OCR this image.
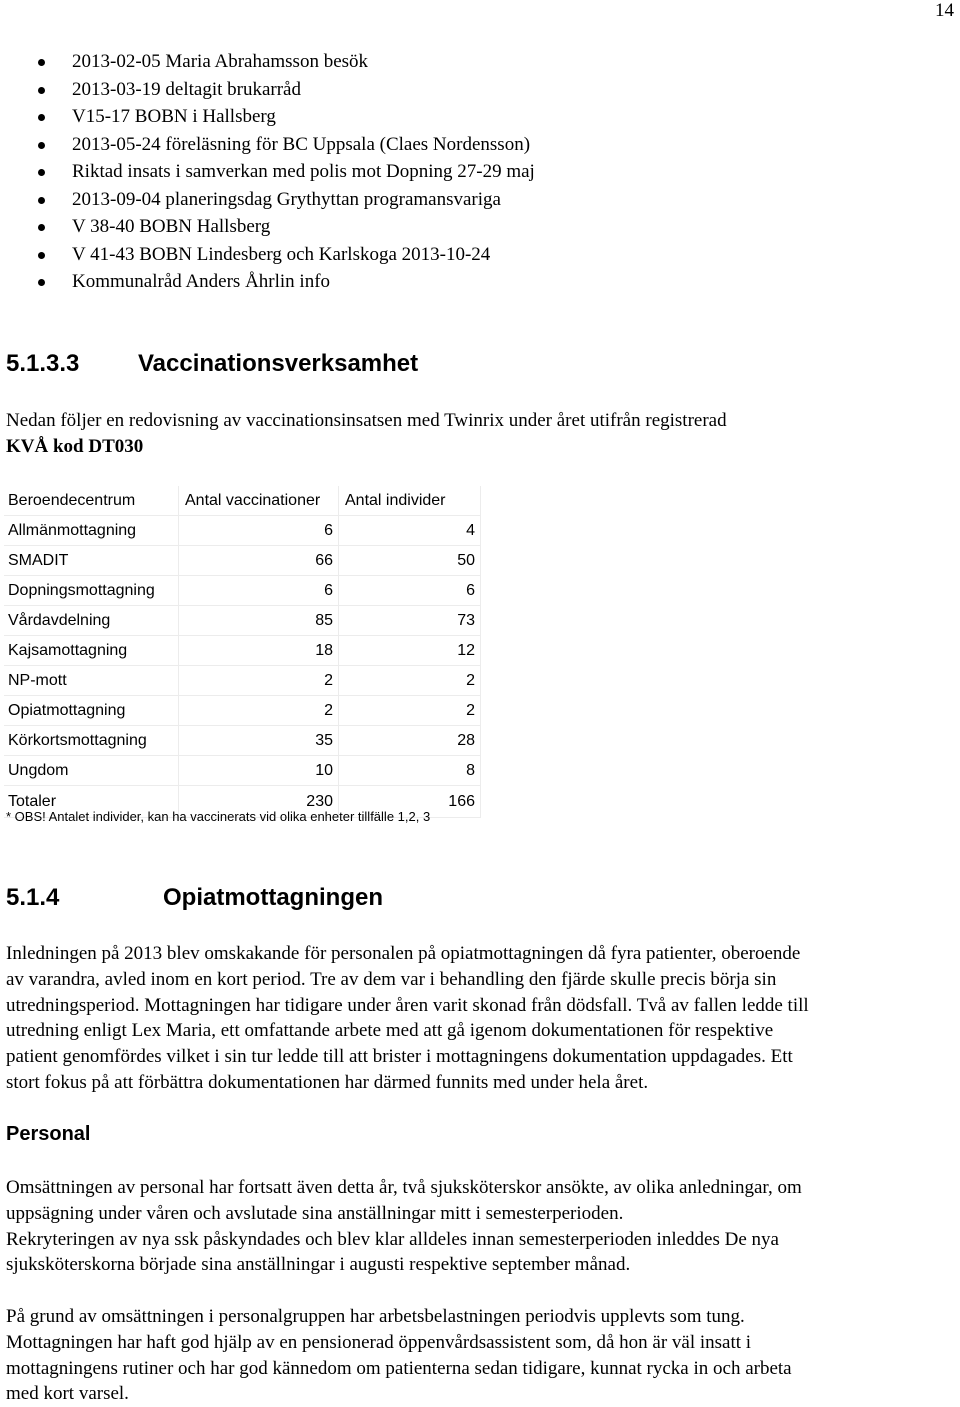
14
2013-02-05 Maria Abrahamsson besök
2013-03-19 deltagit brukarråd
V15-17 BOBN i Hallsberg
2013-05-24 föreläsning för BC Uppsala (Claes Nordensson)
Riktad insats i samverkan med polis mot Dopning 27-29 maj
2013-09-04 planeringsdag Grythyttan programansvariga
V 38-40 BOBN Hallsberg
V 41-43 BOBN Lindesberg och Karlskoga 2013-10-24
Kommunalråd Anders Åhrlin info
5.1.3.3 Vaccinationsverksamhet

Nedan följer en redovisning av vaccinationsinsatsen med Twinrix under året utifrån registrerad

KVÅ kod DT030

Beroendecentrum	Antal vaccinationer	Antal individer
Allmänmottagning	6	4
SMADIT	66	50
Dopningsmottagning	6	6
Vårdavdelning	85	73
Kajsamottagning	18	12
NP-mott	2	2
Opiatmottagning	2	2
Körkortsmottagning	35	28
Ungdom	10	8
Totaler	230	166
* OBS! Antalet individer, kan ha vaccinerats vid olika enheter tillfälle 1,2, 3
5.1.4	Opiatmottagningen

Inledningen på 2013 blev omskakande för personalen på opiatmottagningen då fyra patienter, oberoende

av varandra, avled inom en kort period. Tre av dem var i behandling den fjärde skulle precis börja sin

utredningsperiod. Mottagningen har tidigare under åren varit skonad från dödsfall. Två av fallen ledde till

utredning enligt Lex Maria, ett omfattande arbete med att gå igenom dokumentationen för respektive

patient genomfördes vilket i sin tur ledde till att brister i mottagningens dokumentation uppdagades. Ett

stort fokus på att förbättra dokumentationen har därmed funnits med under hela året.

Personal

Omsättningen av personal har fortsatt även detta år, två sjuksköterskor ansökte, av olika anledningar, om

uppsägning under våren och avslutade sina anställningar mitt i semesterperioden.

Rekryteringen av nya ssk påskyndades och blev klar alldeles innan semesterperioden inleddes De nya

sjuksköterskorna började sina anställningar i augusti respektive september månad.

På grund av omsättningen i personalgruppen har arbetsbelastningen periodvis upplevts som tung.

Mottagningen har haft god hjälp av en pensionerad öppenvårdsassistent som, då hon är väl insatt i

mottagningens rutiner och har god kännedom om patienterna sedan tidigare, kunnat rycka in och arbeta

med kort varsel.
